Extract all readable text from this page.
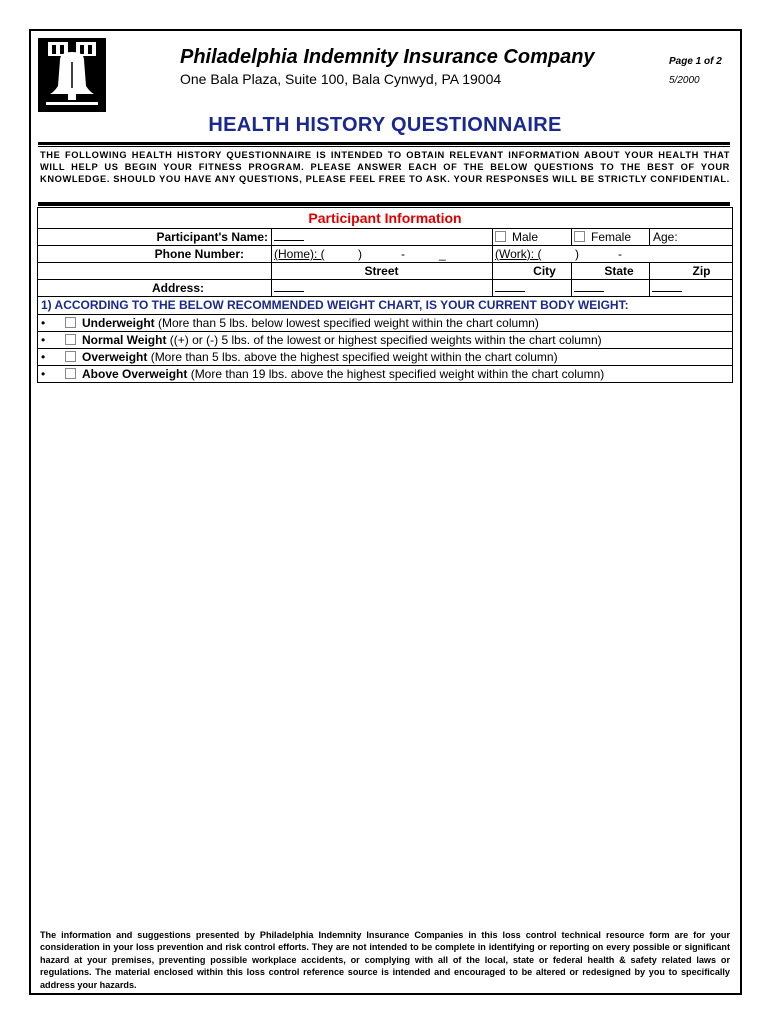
Philadelphia Indemnity Insurance Company
One Bala Plaza, Suite 100, Bala Cynwyd, PA 19004
Page 1 of 2
5/2000
HEALTH HISTORY QUESTIONNAIRE
THE FOLLOWING HEALTH HISTORY QUESTIONNAIRE IS INTENDED TO OBTAIN RELEVANT INFORMATION ABOUT YOUR HEALTH THAT WILL HELP US BEGIN YOUR FITNESS PROGRAM. PLEASE ANSWER EACH OF THE BELOW QUESTIONS TO THE BEST OF YOUR KNOWLEDGE. SHOULD YOU HAVE ANY QUESTIONS, PLEASE FEEL FREE TO ASK. YOUR RESPONSES WILL BE STRICTLY CONFIDENTIAL.
Participant Information
Participant's Name:	Male	Female Age:
Phone Number:	(Home): (	)	-	_	(Work): (	)	-
Street	City	State	Zip
Address:
1) ACCORDING TO THE BELOW RECOMMENDED WEIGHT CHART, IS YOUR CURRENT BODY WEIGHT:
•	Underweight (More than 5 lbs. below lowest specified weight within the chart column)
•	Normal Weight ((+) or (-) 5 lbs. of the lowest or highest specified weights within the chart column)
•	Overweight (More than 5 lbs. above the highest specified weight within the chart column)
•	Above Overweight (More than 19 lbs. above the highest specified weight within the chart column)
The information and suggestions presented by Philadelphia Indemnity Insurance Companies in this loss control technical resource form are for your consideration in your loss prevention and risk control efforts. They are not intended to be complete in identifying or reporting on every possible or significant hazard at your premises, preventing possible workplace accidents, or complying with all of the local, state or federal health & safety related laws or regulations. The material enclosed within this loss control reference source is intended and encouraged to be altered or redesigned by you to specifically address your hazards.
